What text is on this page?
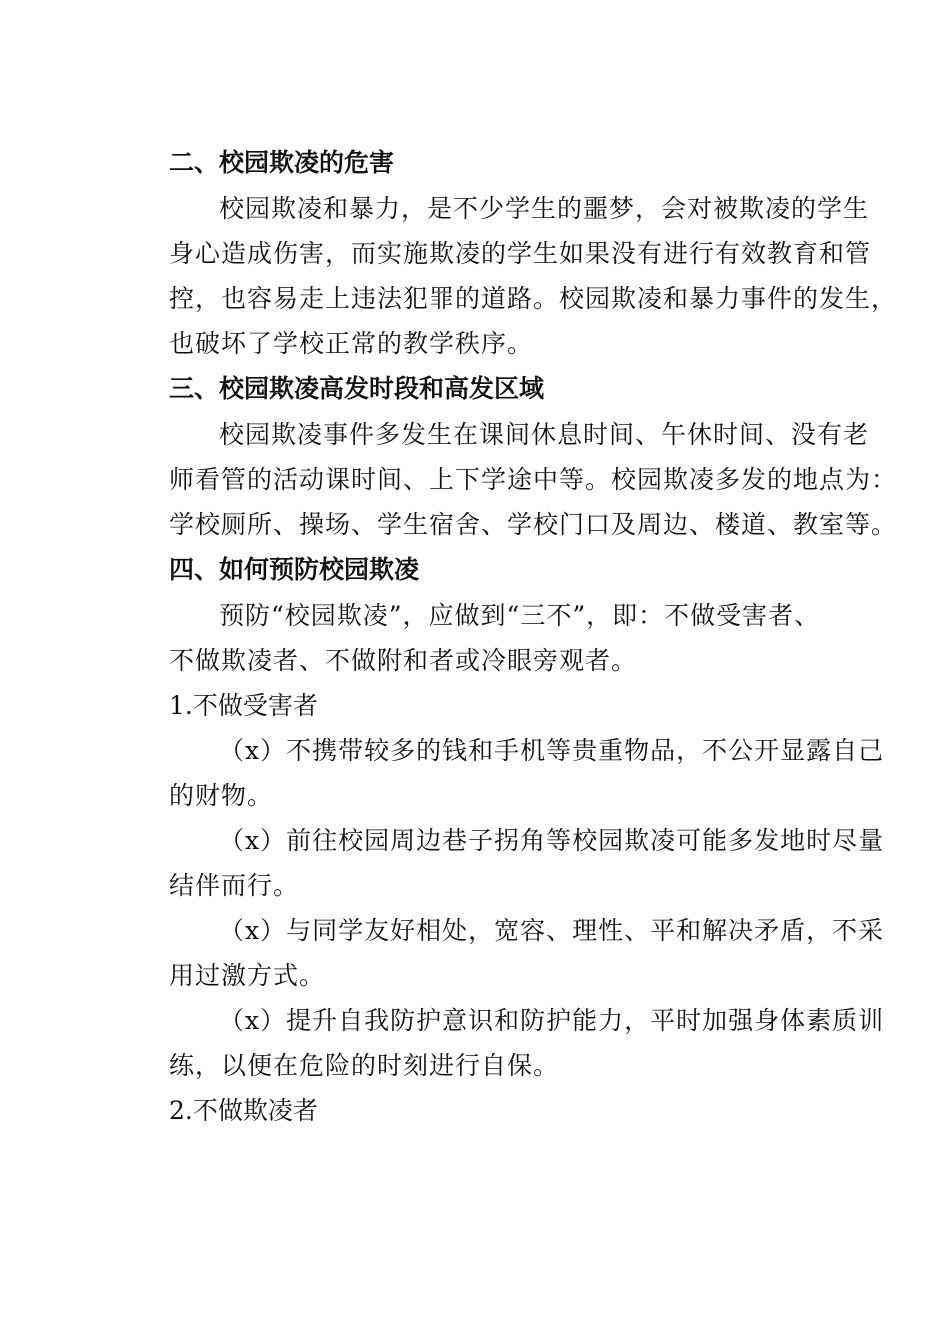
二、校园欺凌的危害
校园欺凌和暴力，是不少学生的噩梦，会对被欺凌的学生
身心造成伤害，而实施欺凌的学生如果没有进行有效教育和管
控，也容易走上违法犯罪的道路。校园欺凌和暴力事件的发生，
也破坏了学校正常的教学秩序。
三、校园欺凌高发时段和高发区域
校园欺凌事件多发生在课间休息时间、午休时间、没有老
师看管的活动课时间、上下学途中等。校园欺凌多发的地点为：
学校厕所、操场、学生宿舍、学校门口及周边、楼道、教室等。
四、如何预防校园欺凌
预防“校园欺凌”，应做到“三不”，即：不做受害者、
不做欺凌者、不做附和者或冷眼旁观者。
1.不做受害者
（x）不携带较多的钱和手机等贵重物品，不公开显露自己
的财物。
（x）前往校园周边巷子拐角等校园欺凌可能多发地时尽量
结伴而行。
（x）与同学友好相处，宽容、理性、平和解决矛盾，不采
用过激方式。
（x）提升自我防护意识和防护能力，平时加强身体素质训
练，以便在危险的时刻进行自保。
2.不做欺凌者
